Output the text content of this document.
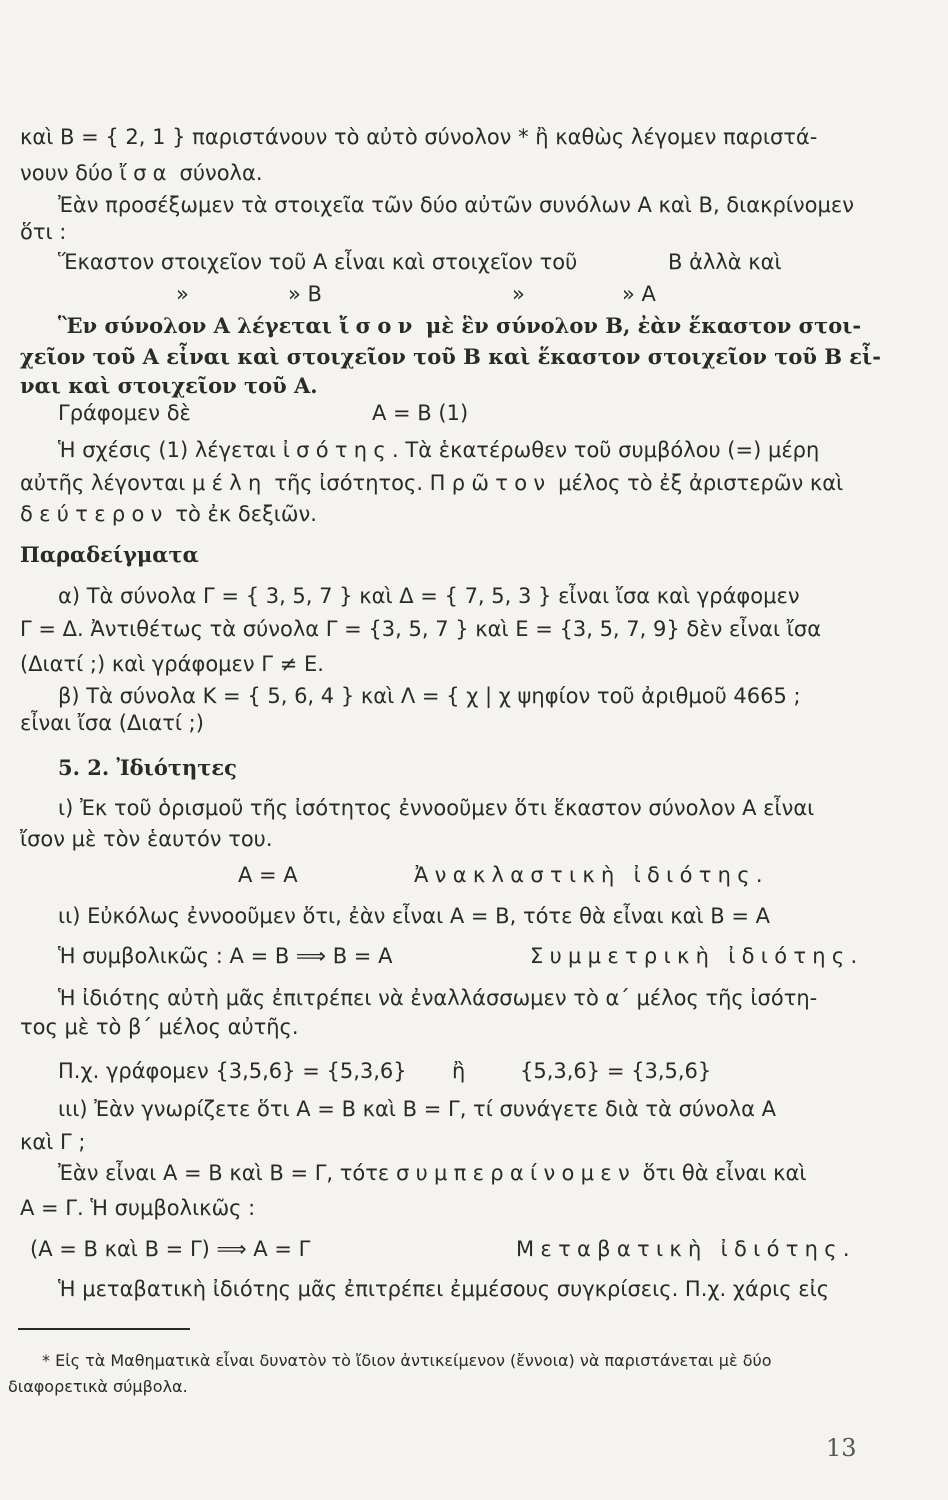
καὶ Β = { 2, 1 } παριστάνουν τὸ αὐτὸ σύνολον * ἢ καθὼς λέγομεν παριστά-
νουν δύο ἴσα σύνολα.
Ἐὰν προσέξωμεν τὰ στοιχεῖα τῶν δύο αὐτῶν συνόλων Α καὶ Β, διακρίνομεν
ὅτι :
Ἕκαστον στοιχεῖον τοῦ Α εἶναι καὶ στοιχεῖον τοῦ	Β ἀλλὰ καὶ
»	» Β	»	» Α
Ἓν σύνολον Α λέγεται ἴσον μὲ ἓν σύνολον Β, ἐὰν ἕκαστον στοι-
χεῖον τοῦ Α εἶναι καὶ στοιχεῖον τοῦ Β καὶ ἕκαστον στοιχεῖον τοῦ Β εἶ-
ναι καὶ στοιχεῖον τοῦ Α.
Γράφομεν δὲ	Α = Β (1)
Ἡ σχέσις (1) λέγεται ἰσότης. Τὰ ἑκατέρωθεν τοῦ συμβόλου (=) μέρη
αὐτῆς λέγονται μέλη τῆς ἰσότητος. Πρῶτον μέλος τὸ ἐξ ἀριστερῶν καὶ
δεύτερον τὸ ἐκ δεξιῶν.
Παραδείγματα
α) Τὰ σύνολα Γ = { 3, 5, 7 } καὶ Δ = { 7, 5, 3 } εἶναι ἴσα καὶ γράφομεν
Γ = Δ. Ἀντιθέτως τὰ σύνολα Γ = {3, 5, 7 } καὶ Ε = {3, 5, 7, 9} δὲν εἶναι ἴσα
(Διατί ;) καὶ γράφομεν Γ ≠ Ε.
β) Τὰ σύνολα Κ = { 5, 6, 4 } καὶ Λ = { χ | χ ψηφίον τοῦ ἀριθμοῦ 4665 ;
εἶναι ἴσα (Διατί ;)
5. 2. Ἰδιότητες
ι) Ἐκ τοῦ ὁρισμοῦ τῆς ἰσότητος ἐννοοῦμεν ὅτι ἕκαστον σύνολον Α εἶναι
ἴσον μὲ τὸν ἑαυτόν του.
Α = Α	Ἀνακλαστικὴ ἰδιότης.
ιι) Εὐκόλως ἐννοοῦμεν ὅτι, ἐὰν εἶναι Α = Β, τότε θὰ εἶναι καὶ Β = Α
Ἡ συμβολικῶς : Α = Β ⟹ Β = Α	Συμμετρικὴ ἰδιότης.
Ἡ ἰδιότης αὐτὴ μᾶς ἐπιτρέπει νὰ ἐναλλάσσωμεν τὸ α΄ μέλος τῆς ἰσότη-
τος μὲ τὸ β΄ μέλος αὐτῆς.
Π.χ. γράφομεν {3,5,6} = {5,3,6} ἢ	{5,3,6} = {3,5,6}
ιιι) Ἐὰν γνωρίζετε ὅτι Α = Β καὶ Β = Γ, τί συνάγετε διὰ τὰ σύνολα Α
καὶ Γ ;
Ἐὰν εἶναι Α = Β καὶ Β = Γ, τότε συμπεραίνομεν ὅτι θὰ εἶναι καὶ
Α = Γ. Ἡ συμβολικῶς :
(Α = Β καὶ Β = Γ) ⟹ Α = Γ	Μεταβατικὴ ἰδιότης.
Ἡ μεταβατικὴ ἰδιότης μᾶς ἐπιτρέπει ἐμμέσους συγκρίσεις. Π.χ. χάρις εἰς
* Εἰς τὰ Μαθηματικὰ εἶναι δυνατὸν τὸ ἴδιον ἀντικείμενον (ἔννοια) νὰ παριστάνεται μὲ δύο
διαφορετικὰ σύμβολα.
13
